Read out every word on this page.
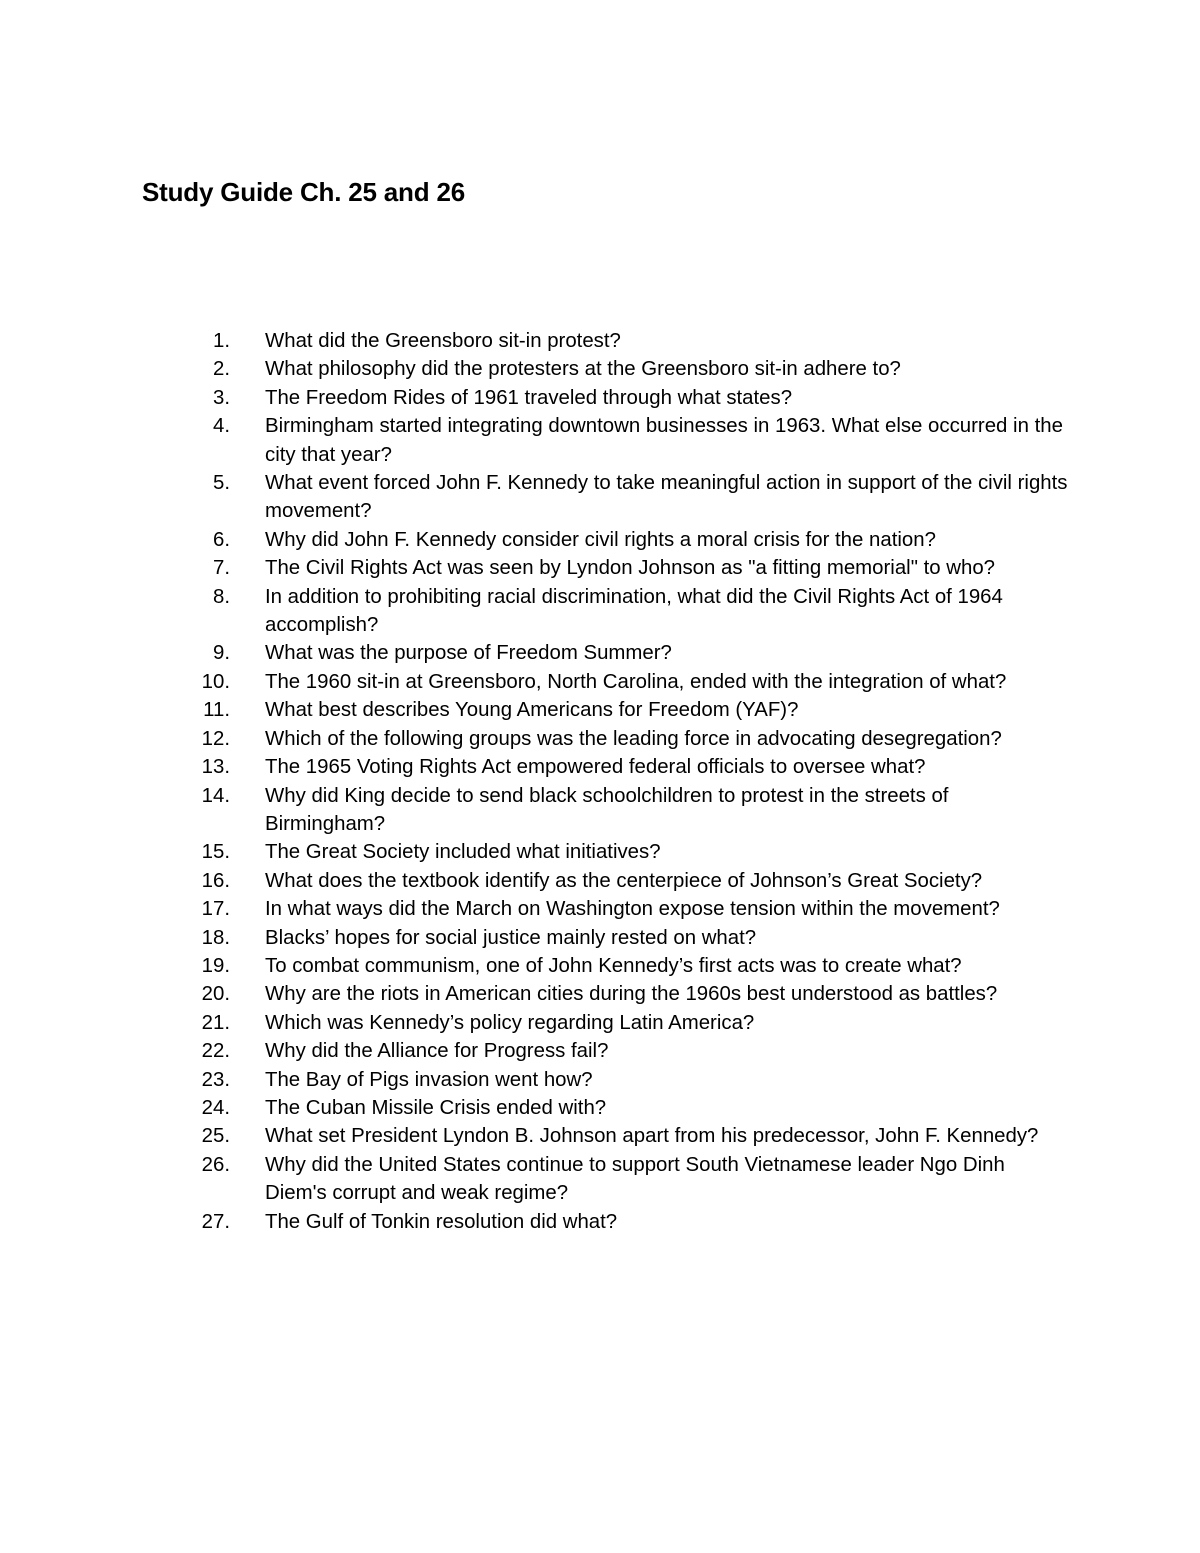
Study Guide Ch. 25 and 26
1. What did the Greensboro sit-in protest?
2. What philosophy did the protesters at the Greensboro sit-in adhere to?
3. The Freedom Rides of 1961 traveled through what states?
4. Birmingham started integrating downtown businesses in 1963. What else occurred in the city that year?
5. What event forced John F. Kennedy to take meaningful action in support of the civil rights movement?
6. Why did John F. Kennedy consider civil rights a moral crisis for the nation?
7. The Civil Rights Act was seen by Lyndon Johnson as "a fitting memorial" to who?
8. In addition to prohibiting racial discrimination, what did the Civil Rights Act of 1964 accomplish?
9. What was the purpose of Freedom Summer?
10. The 1960 sit-in at Greensboro, North Carolina, ended with the integration of what?
11. What best describes Young Americans for Freedom (YAF)?
12. Which of the following groups was the leading force in advocating desegregation?
13. The 1965 Voting Rights Act empowered federal officials to oversee what?
14. Why did King decide to send black schoolchildren to protest in the streets of Birmingham?
15. The Great Society included what initiatives?
16. What does the textbook identify as the centerpiece of Johnson’s Great Society?
17. In what ways did the March on Washington expose tension within the movement?
18. Blacks’ hopes for social justice mainly rested on what?
19. To combat communism, one of John Kennedy’s first acts was to create what?
20. Why are the riots in American cities during the 1960s best understood as battles?
21. Which was Kennedy’s policy regarding Latin America?
22. Why did the Alliance for Progress fail?
23. The Bay of Pigs invasion went how?
24. The Cuban Missile Crisis ended with?
25. What set President Lyndon B. Johnson apart from his predecessor, John F. Kennedy?
26. Why did the United States continue to support South Vietnamese leader Ngo Dinh Diem's corrupt and weak regime?
27. The Gulf of Tonkin resolution did what?
